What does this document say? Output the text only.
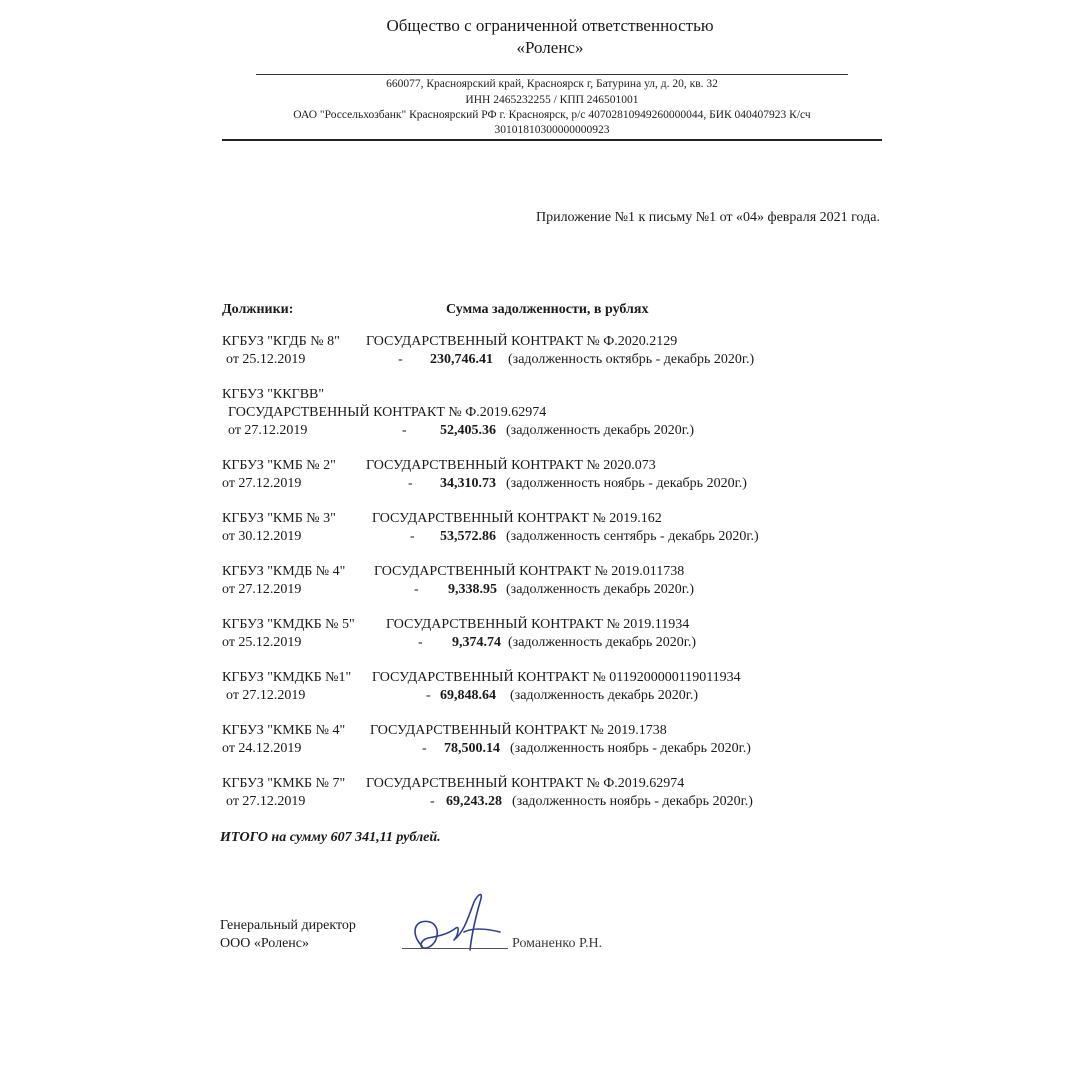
Общество с ограниченной ответственностью
«Роленс»
660077, Красноярский край, Красноярск г, Батурина ул, д. 20, кв. 32
ИНН 2465232255 / КПП 246501001
ОАО "Россельхозбанк" Красноярский РФ г. Красноярск, р/с 40702810949260000044, БИК 040407923 К/сч
30101810300000000923
Приложение №1 к письму №1 от «04» февраля 2021 года.
Должники:	Сумма задолженности, в рублях
КГБУЗ "КГДБ № 8" ГОСУДАРСТВЕННЫЙ КОНТРАКТ № Ф.2020.2129
от 25.12.2019	- 230,746.41 (задолженность октябрь - декабрь 2020г.)
КГБУЗ "ККГВВ"
ГОСУДАРСТВЕННЫЙ КОНТРАКТ № Ф.2019.62974
от 27.12.2019	- 52,405.36 (задолженность декабрь 2020г.)
КГБУЗ "КМБ № 2" ГОСУДАРСТВЕННЫЙ КОНТРАКТ № 2020.073
от 27.12.2019	- 34,310.73 (задолженность ноябрь - декабрь 2020г.)
КГБУЗ "КМБ № 3"	ГОСУДАРСТВЕННЫЙ КОНТРАКТ № 2019.162
от 30.12.2019	- 53,572.86 (задолженность сентябрь - декабрь 2020г.)
КГБУЗ "КМДБ № 4" ГОСУДАРСТВЕННЫЙ КОНТРАКТ № 2019.011738
от 27.12.2019	- 9,338.95 (задолженность декабрь 2020г.)
КГБУЗ "КМДКБ № 5" ГОСУДАРСТВЕННЫЙ КОНТРАКТ № 2019.11934
от 25.12.2019	- 9,374.74 (задолженность декабрь 2020г.)
КГБУЗ "КМДКБ №1" ГОСУДАРСТВЕННЫЙ КОНТРАКТ № 0119200000119011934
от 27.12.2019	- 69,848.64 (задолженность декабрь 2020г.)
КГБУЗ "КМКБ № 4" ГОСУДАРСТВЕННЫЙ КОНТРАКТ № 2019.1738
от 24.12.2019	- 78,500.14 (задолженность ноябрь - декабрь 2020г.)
КГБУЗ "КМКБ № 7" ГОСУДАРСТВЕННЫЙ КОНТРАКТ № Ф.2019.62974
от 27.12.2019	- 69,243.28 (задолженность ноябрь - декабрь 2020г.)
ИТОГО на сумму 607 341,11 рублей.
Генеральный директор
ООО «Роленс»	Романенко Р.Н.
